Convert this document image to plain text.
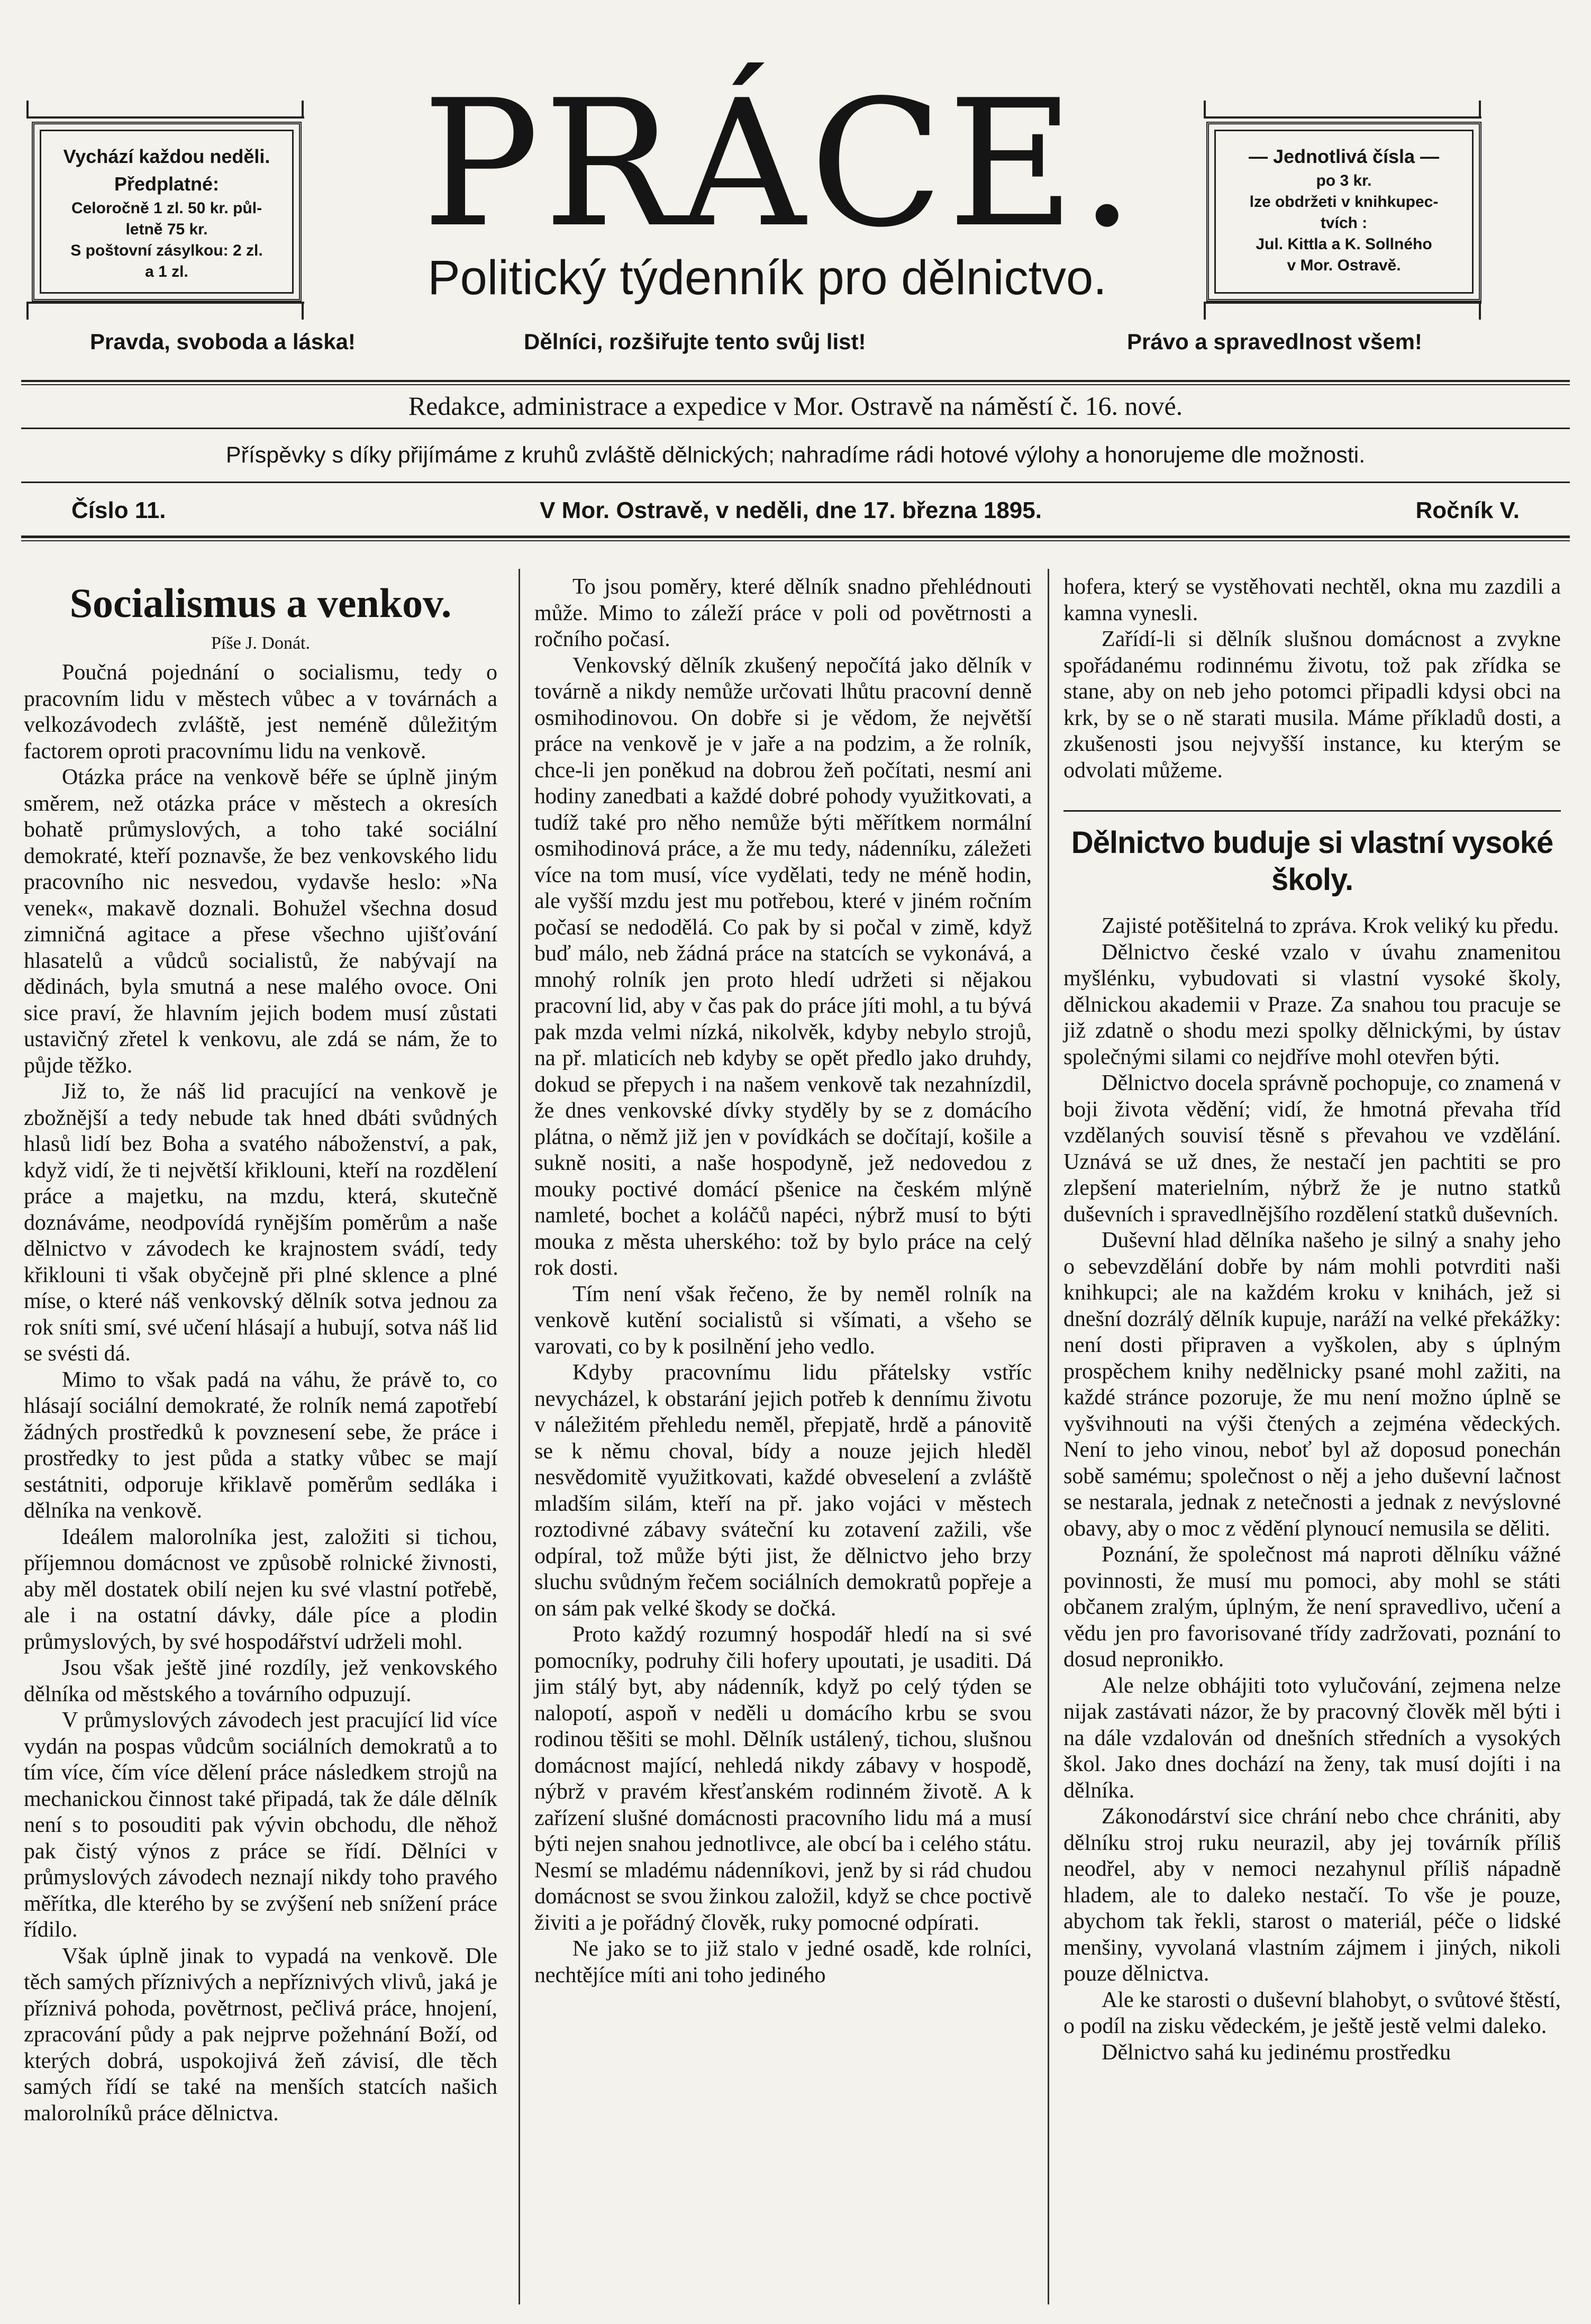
Vychází každou neděli.
Předplatné:
Celoročně 1 zl. 50 kr. půl-
letně 75 kr.
S poštovní zásylkou: 2 zl.
a 1 zl.
PRÁCE.

Politický týdenník pro dělnictvo.

— Jednotlivá čísla —
po 3 kr.
lze obdržeti v knihkupec-
tvích :
Jul. Kittla a K. Sollného
v Mor. Ostravě.
Pravda, svoboda a láska!	Dělníci, rozšiřujte tento svůj list!	Právo a spravedlnost všem!
Redakce, administrace a expedice v Mor. Ostravě na náměstí č. 16. nové.
Příspěvky s díky přijímáme z kruhů zvláště dělnických; nahradíme rádi hotové výlohy a honorujeme dle možnosti.
Číslo 11.	V Mor. Ostravě, v neděli, dne 17. března 1895.	Ročník V.
Socialismus a venkov.
Píše J. Donát.

Poučná pojednání o socialismu, tedy o pracovním lidu v městech vůbec a v továrnách a velkozávodech zvláště, jest neméně důležitým factorem oproti pracovnímu lidu na venkově.

Otázka práce na venkově béře se úplně jiným směrem, než otázka práce v městech a okresích bohatě průmyslových, a toho také sociální demokraté, kteří poznavše, že bez venkovského lidu pracovního nic nesvedou, vydavše heslo: »Na venek«, makavě doznali. Bohužel všechna dosud zimničná agitace a přese všechno ujišťování hlasatelů a vůdců socialistů, že nabývají na dědinách, byla smutná a nese malého ovoce. Oni sice praví, že hlavním jejich bodem musí zůstati ustavičný zřetel k venkovu, ale zdá se nám, že to půjde těžko.

Již to, že náš lid pracující na venkově je zbožnější a tedy nebude tak hned dbáti svůdných hlasů lidí bez Boha a svatého náboženství, a pak, když vidí, že ti největší křiklouni, kteří na rozdělení práce a majetku, na mzdu, která, skutečně doznáváme, neodpovídá rynějším poměrům a naše dělnictvo v závodech ke krajnostem svádí, tedy křiklouni ti však obyčejně při plné sklence a plné míse, o které náš venkovský dělník sotva jednou za rok sníti smí, své učení hlásají a hubují, sotva náš lid se svésti dá.

Mimo to však padá na váhu, že právě to, co hlásají sociální demokraté, že rolník nemá zapotřebí žádných prostředků k povznesení sebe, že práce i prostředky to jest půda a statky vůbec se mají sestátniti, odporuje křiklavě poměrům sedláka i dělníka na venkově.

Ideálem malorolníka jest, založiti si tichou, příjemnou domácnost ve způsobě rolnické živnosti, aby měl dostatek obilí nejen ku své vlastní potřebě, ale i na ostatní dávky, dále pícе a plodin průmyslových, by své hospodářství udrželi mohl.

Jsou však ještě jiné rozdíly, jež venkovského dělníka od městského a továrního odpuzují.

V průmyslových závodech jest pracující lid více vydán na pospas vůdcům sociálních demokratů a to tím více, čím více dělení práce následkem strojů na mechanickou činnost také připadá, tak že dále dělník není s to posouditi pak vývin obchodu, dle něhož pak čistý výnos z práce se řídí. Dělníci v průmyslových závodech neznají nikdy toho pravého měřítka, dle kterého by se zvýšení neb snížení práce řídilo.

Však úplně jinak to vypadá na venkově. Dle těch samých příznivých a nepříznivých vlivů, jaká je příznivá pohoda, povětrnost, pečlivá práce, hnojení, zpracování půdy a pak nejprve požehnání Boží, od kterých dobrá, uspokojivá žeň závisí, dle těch samých řídí se také na menších statcích našich malorolníků práce dělnictva.

To jsou poměry, které dělník snadno přehlédnouti může. Mimo to záleží práce v poli od povětrnosti a ročního počasí.

Venkovský dělník zkušený nepočítá jako dělník v továrně a nikdy nemůže určovati lhůtu pracovní denně osmihodinovou. On dobře si je vědom, že největší práce na venkově je v jaře a na podzim, a že rolník, chce-li jen poněkud na dobrou žeň počítati, nesmí ani hodiny zanedbati a každé dobré pohody využitkovati, a tudíž také pro něho nemůže býti měřítkem normální osmihodinová práce, a že mu tedy, nádenníku, záležeti více na tom musí, více vydělati, tedy ne méně hodin, ale vyšší mzdu jest mu potřebou, které v jiném ročním počasí se nedodělá. Co pak by si počal v zimě, když buď málo, neb žádná práce na statcích se vykonává, a mnohý rolník jen proto hledí udržeti si nějakou pracovní lid, aby v čas pak do práce jíti mohl, a tu bývá pak mzda velmi nízká, nikolvěk, kdyby nebylo strojů, na př. mlaticích neb kdyby se opět předlo jako druhdy, dokud se přepych i na našem venkově tak nezahnízdil, že dnes venkovské dívky styděly by se z domácího plátna, o němž již jen v povídkách se dočítají, košile a sukně nositi, a naše hospodyně, jež nedovedou z mouky poctivé domácí pšenice na českém mlýně namleté, bochet a koláčů napéci, nýbrž musí to býti mouka z města uherského: tož by bylo práce na celý rok dosti.

Tím není však řečeno, že by neměl rolník na venkově kutění socialistů si všímati, a všeho se varovati, co by k posilnění jeho vedlo.

Kdyby pracovnímu lidu přátelsky vstříc nevycházel, k obstarání jejich potřeb k dennímu životu v náležitém přehledu neměl, přepjatě, hrdě a pánovitě se k němu choval, bídy a nouze jejich hleděl nesvědomitě využitkovati, každé obveselení a zvláště mladším silám, kteří na př. jako vojáci v městech roztodivné zábavy sváteční ku zotavení zažili, vše odpíral, tož může býti jist, že dělnictvo jeho brzy sluchu svůdným řečem sociálních demokratů popřeje a on sám pak velké škody se dočká.

Proto každý rozumný hospodář hledí na si své pomocníky, podruhy čili hofery upoutati, je usaditi. Dá jim stálý byt, aby nádenník, když po celý týden se nalopotí, aspoň v neděli u domácího krbu se svou rodinou těšiti se mohl. Dělník ustálený, tichou, slušnou domácnost mající, nehledá nikdy zábavy v hospodě, nýbrž v pravém křesťanském rodinném životě. A k zařízení slušné domácnosti pracovního lidu má a musí býti nejen snahou jednotlivce, ale obcí ba i celého státu. Nesmí se mladému nádenníkovi, jenž by si rád chudou domácnost se svou žinkou založil, když se chce poctivě živiti a je pořádný člověk, ruky pomocné odpírati.

Ne jako se to již stalo v jedné osadě, kde rolníci, nechtějíce míti ani toho jediného

hofera, který se vystěhovati nechtěl, okna mu zazdili a kamna vynesli.

Zařídí-li si dělník slušnou domácnost a zvykne spořádanému rodinnému životu, tož pak zřídka se stane, aby on neb jeho potomci připadli kdysi obci na krk, by se o ně starati musila. Máme příkladů dosti, a zkušenosti jsou nejvyšší instance, ku kterým se odvolati můžeme.

Dělnictvo buduje si vlastní vysoké školy.

Zajisté potěšitelná to zpráva. Krok veliký ku předu.

Dělnictvo české vzalo v úvahu znamenitou myšlénku, vybudovati si vlastní vysoké školy, dělnickou akademii v Praze. Za snahou tou pracuje se již zdatně o shodu mezi spolky dělnickými, by ústav společnými silami co nejdříve mohl otevřen býti.

Dělnictvo docela správně pochopuje, co znamená v boji života vědění; vidí, že hmotná převaha tříd vzdělaných souvisí těsně s převahou ve vzdělání. Uznává se už dnes, že nestačí jen pachtiti se pro zlepšení materielním, nýbrž že je nutno statků duševních i spravedlnějšího rozdělení statků duševních.

Duševní hlad dělníka našeho je silný a snahy jeho o sebevzdělání dobře by nám mohli potvrditi naši knihkupci; ale na každém kroku v knihách, jež si dnešní dozrálý dělník kupuje, naráží na velké překážky: není dosti připraven a vyškolen, aby s úplným prospěchem knihy nedělnicky psané mohl zažiti, na každé stránce pozoruje, že mu není možno úplně se vyšvihnouti na výši čtených a zejména vědeckých. Není to jeho vinou, neboť byl až doposud ponechán sobě samému; společnost o něj a jeho duševní lačnost se nestarala, jednak z netečnosti a jednak z nevýslovné obavy, aby o moc z vědění plynoucí nemusila se děliti.

Poznání, že společnost má naproti dělníku vážné povinnosti, že musí mu pomoci, aby mohl se státi občanem zralým, úplným, že není spravedlivo, učení a vědu jen pro favorisované třídy zadržovati, poznání to dosud nepronikło.

Ale nelze obhájiti toto vylučování, zejmena nelze nijak zastávati názor, že by pracovný člověk měl býti i na dále vzdalován od dnešních středních a vysokých škol. Jako dnes dochází na ženy, tak musí dojíti i na dělníka.

Zákonodárství sice chrání nebo chce chrániti, aby dělníku stroj ruku neurazil, aby jej továrník příliš neodřel, aby v nemoci nezahynul příliš nápadně hladem, ale to daleko nestačí. To vše je pouze, abychom tak řekli, starost o materiál, péče o lidské menšiny, vyvolaná vlastním zájmem i jiných, nikoli pouze dělnictva.

Ale ke starosti o duševní blahobyt, o svůtové štěstí, o podíl na zisku vědeckém, je ještě jestě velmi daleko.

Dělnictvo sahá ku jedinému prostředku
